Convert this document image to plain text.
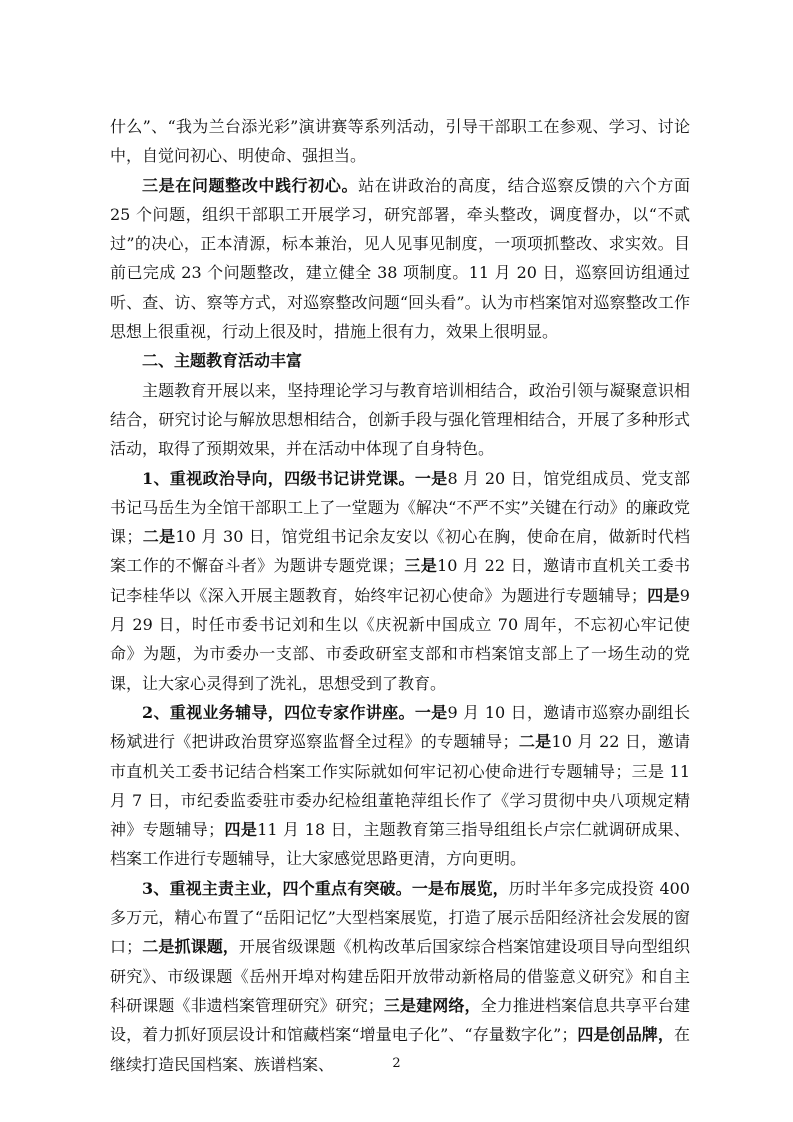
什么”、“我为兰台添光彩”演讲赛等系列活动，引导干部职工在参观、学习、讨论中，自觉问初心、明使命、强担当。

三是在问题整改中践行初心。站在讲政治的高度，结合巡察反馈的六个方面 25 个问题，组织干部职工开展学习，研究部署，牵头整改，调度督办，以“不贰过”的决心，正本清源，标本兼治，见人见事见制度，一项项抓整改、求实效。目前已完成 23 个问题整改，建立健全 38 项制度。11 月 20 日，巡察回访组通过听、查、访、察等方式，对巡察整改问题“回头看”。认为市档案馆对巡察整改工作思想上很重视，行动上很及时，措施上很有力，效果上很明显。

二、主题教育活动丰富

主题教育开展以来，坚持理论学习与教育培训相结合，政治引领与凝聚意识相结合，研究讨论与解放思想相结合，创新手段与强化管理相结合，开展了多种形式活动，取得了预期效果，并在活动中体现了自身特色。

1、重视政治导向，四级书记讲党课。一是8 月 20 日，馆党组成员、党支部书记马岳生为全馆干部职工上了一堂题为《解决“不严不实”关键在行动》的廉政党课；二是10 月 30 日，馆党组书记余友安以《初心在胸，使命在肩，做新时代档案工作的不懈奋斗者》为题讲专题党课；三是10 月 22 日，邀请市直机关工委书记李桂华以《深入开展主题教育，始终牢记初心使命》为题进行专题辅导；四是9 月 29 日，时任市委书记刘和生以《庆祝新中国成立 70 周年，不忘初心牢记使命》为题，为市委办一支部、市委政研室支部和市档案馆支部上了一场生动的党课，让大家心灵得到了洗礼，思想受到了教育。

2、重视业务辅导，四位专家作讲座。一是9 月 10 日，邀请市巡察办副组长杨斌进行《把讲政治贯穿巡察监督全过程》的专题辅导；二是10 月 22 日，邀请市直机关工委书记结合档案工作实际就如何牢记初心使命进行专题辅导；三是 11 月 7 日，市纪委监委驻市委办纪检组董艳萍组长作了《学习贯彻中央八项规定精神》专题辅导；四是11 月 18 日，主题教育第三指导组组长卢宗仁就调研成果、档案工作进行专题辅导，让大家感觉思路更清，方向更明。

3、重视主责主业，四个重点有突破。一是布展览，历时半年多完成投资 400 多万元，精心布置了“岳阳记忆”大型档案展览，打造了展示岳阳经济社会发展的窗口；二是抓课题，开展省级课题《机构改革后国家综合档案馆建设项目导向型组织研究》、市级课题《岳州开埠对构建岳阳开放带动新格局的借鉴意义研究》和自主科研课题《非遗档案管理研究》研究；三是建网络，全力推进档案信息共享平台建设，着力抓好顶层设计和馆藏档案“增量电子化”、“存量数字化”；四是创品牌，在继续打造民国档案、族谱档案、	2
